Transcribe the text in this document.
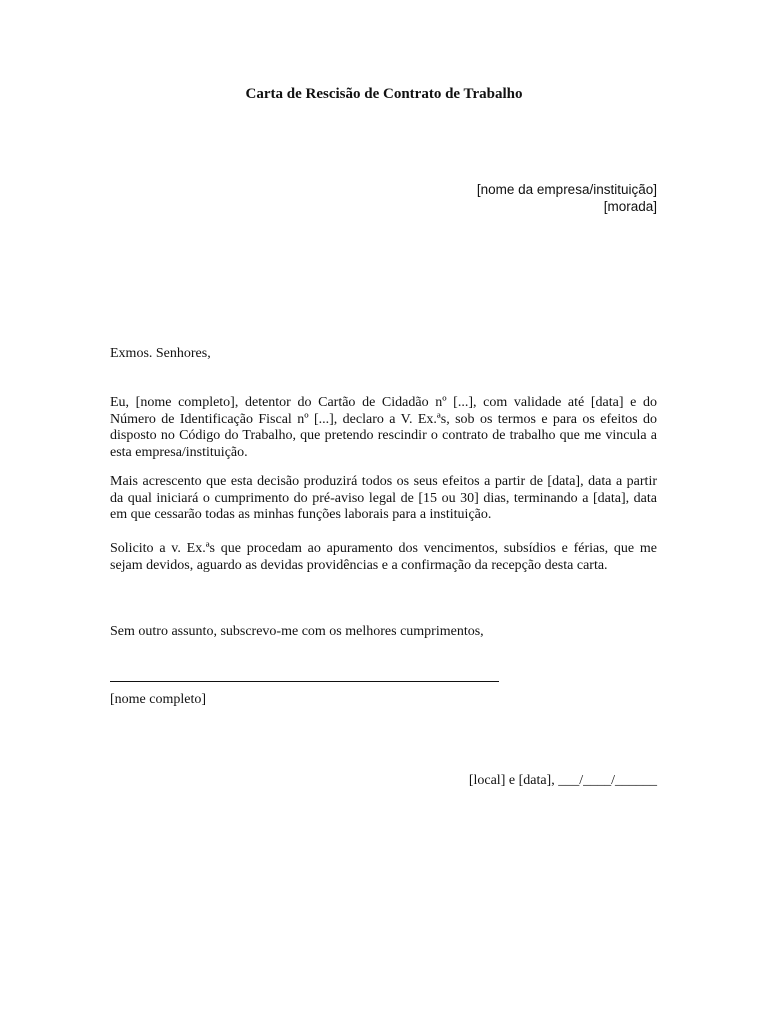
Carta de Rescisão de Contrato de Trabalho
[nome da empresa/instituição]
[morada]
Exmos. Senhores,
Eu, [nome completo], detentor do Cartão de Cidadão nº [...], com validade até [data] e do
Número de Identificação Fiscal nº [...], declaro a V. Ex.ªs, sob os termos e para os efeitos do
disposto no Código do Trabalho, que pretendo rescindir o contrato de trabalho que me vincula a
esta empresa/instituição.
Mais acrescento que esta decisão produzirá todos os seus efeitos a partir de [data], data a partir
da qual iniciará o cumprimento do pré-aviso legal de [15 ou 30] dias, terminando a [data], data
em que cessarão todas as minhas funções laborais para a instituição.
Solicito a v. Ex.ªs que procedam ao apuramento dos vencimentos, subsídios e férias, que me
sejam devidos, aguardo as devidas providências e a confirmação da recepção desta carta.
Sem outro assunto, subscrevo-me com os melhores cumprimentos,
[nome completo]
[local] e [data], ___/____/______
